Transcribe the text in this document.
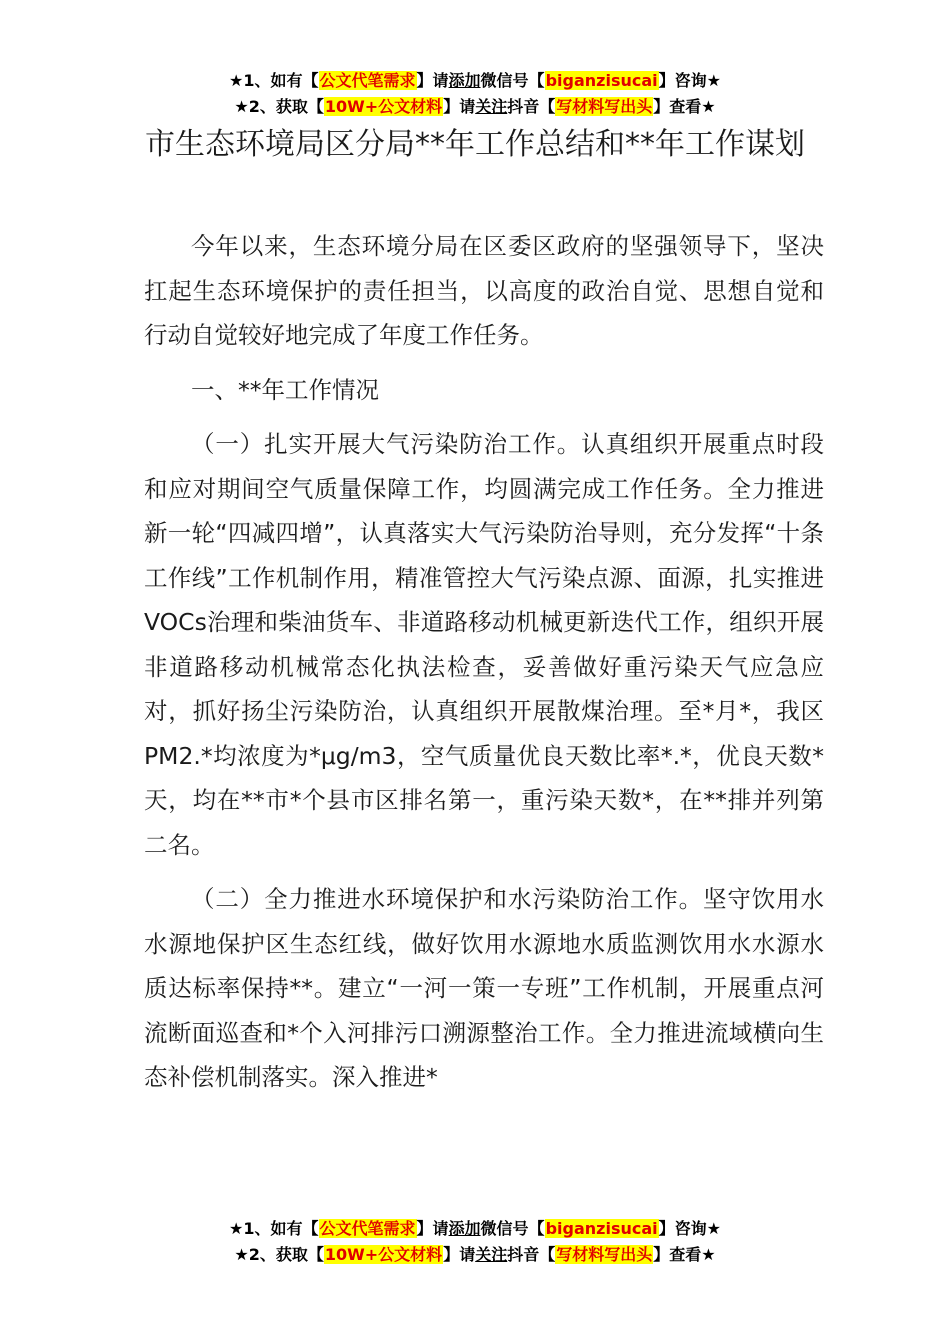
★1、如有【公文代笔需求】请添加微信号【biganzisucai】咨询★
★2、获取【10W+公文材料】请关注抖音【写材料写出头】查看★
市生态环境局区分局**年工作总结和**年工作谋划

今年以来，生态环境分局在区委区政府的坚强领导下，坚决扛起生态环境保护的责任担当，以高度的政治自觉、思想自觉和行动自觉较好地完成了年度工作任务。

一、**年工作情况

（一）扎实开展大气污染防治工作。认真组织开展重点时段和应对期间空气质量保障工作，均圆满完成工作任务。全力推进新一轮“四减四增”，认真落实大气污染防治导则，充分发挥“十条工作线”工作机制作用，精准管控大气污染点源、面源，扎实推进VOCs治理和柴油货车、非道路移动机械更新迭代工作，组织开展非道路移动机械常态化执法检查，妥善做好重污染天气应急应对，抓好扬尘污染防治，认真组织开展散煤治理。至*月*，我区PM2.*均浓度为*μg/m3，空气质量优良天数比率*.*，优良天数*天，均在**市*个县市区排名第一，重污染天数*，在**排并列第二名。

（二）全力推进水环境保护和水污染防治工作。坚守饮用水水源地保护区生态红线，做好饮用水源地水质监测饮用水水源水质达标率保持**。建立“一河一策一专班”工作机制，开展重点河流断面巡查和*个入河排污口溯源整治工作。全力推进流域横向生态补偿机制落实。深入推进*

★1、如有【公文代笔需求】请添加微信号【biganzisucai】咨询★
★2、获取【10W+公文材料】请关注抖音【写材料写出头】查看★
